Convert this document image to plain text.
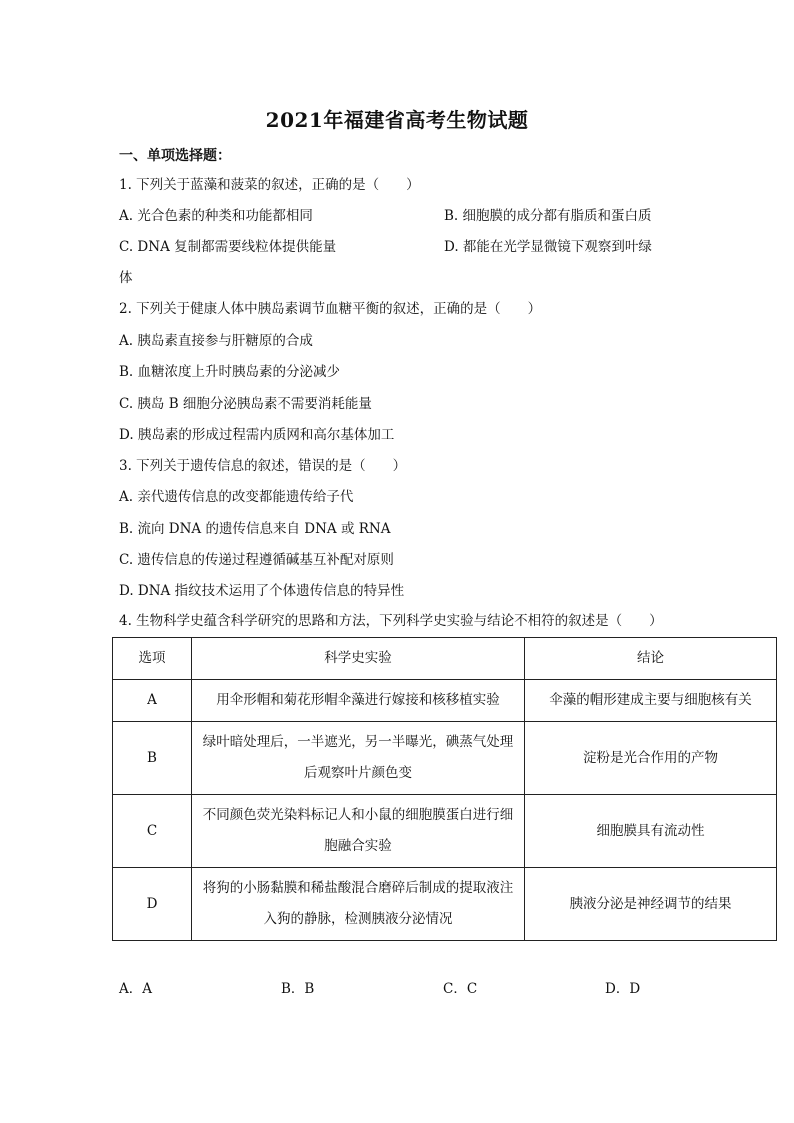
2021年福建省高考生物试题
一、单项选择题：
1. 下列关于蓝藻和菠菜的叙述，正确的是（　　）
A. 光合色素的种类和功能都相同	B. 细胞膜的成分都有脂质和蛋白质
C. DNA 复制都需要线粒体提供能量	D. 都能在光学显微镜下观察到叶绿
体
2. 下列关于健康人体中胰岛素调节血糖平衡的叙述，正确的是（　　）
A. 胰岛素直接参与肝糖原的合成
B. 血糖浓度上升时胰岛素的分泌减少
C. 胰岛 B 细胞分泌胰岛素不需要消耗能量
D. 胰岛素的形成过程需内质网和高尔基体加工
3. 下列关于遗传信息的叙述，错误的是（　　）
A. 亲代遗传信息的改变都能遗传给子代
B. 流向 DNA 的遗传信息来自 DNA 或 RNA
C. 遗传信息的传递过程遵循碱基互补配对原则
D. DNA 指纹技术运用了个体遗传信息的特异性
4. 生物科学史蕴含科学研究的思路和方法，下列科学史实验与结论不相符的叙述是（　　）
选项	科学史实验	结论
A	用伞形帽和菊花形帽伞藻进行嫁接和核移植实验	伞藻的帽形建成主要与细胞核有关
B	绿叶暗处理后，一半遮光，另一半曝光，碘蒸气处理后观察叶片颜色变	淀粉是光合作用的产物
C	不同颜色荧光染料标记人和小鼠的细胞膜蛋白进行细胞融合实验	细胞膜具有流动性
D	将狗的小肠黏膜和稀盐酸混合磨碎后制成的提取液注入狗的静脉，检测胰液分泌情况	胰液分泌是神经调节的结果
A．A	B．B	C．C	D．D
